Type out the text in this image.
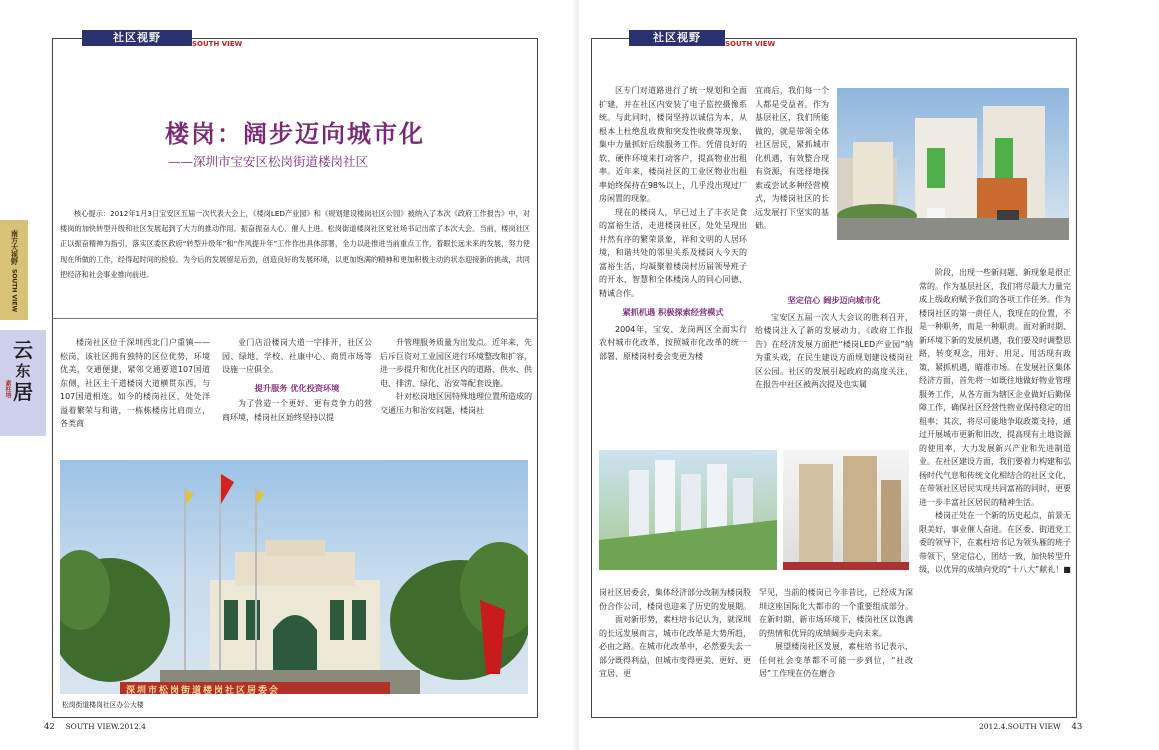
社区视野	SOUTH VIEW
楼岗：阔步迈向城市化
——深圳市宝安区松岗街道楼岗社区
核心提示：2012年1月3日宝安区五届一次代表大会上，《楼岗LED产业园》和《规划建设楼岗社区公园》被纳入了本次《政府工作报告》中，对楼岗的加快转型升级和社区发展起到了大力的推动作用。振奋振奋人心、催人上进。松岗街道楼岗社区党社场书记出席了本次大会。当前，楼岗社区正以振奋精神为指引，落实区委区政府“转型升级年”和“作风提升年”工作作出具体部署，全力以赴推进当前重点工作，着眼长远未来的发展，努力使现在所做的工作，经得起时间的检验。为今后的发展留足后劲，创造良好的发展环境，以更加饱满的精神和更加积极主动的状态迎接新的挑战，共同把经济和社会事业推向前进。
楼岗社区位于深圳西北门户重镇——松岗，该社区拥有独特的区位优势，环境优美，交通便捷，紧邻交通要道107国道东侧，社区主干道楼岗大道横贯东西，与107国道相连。如今的楼岗社区，处处洋溢着繁荣与和谐，一栋栋楼房比肩而立，各类商

业门店沿楼岗大道一字排开，社区公园、绿地、学校、社康中心、商贸市场等设施一应俱全。

提升服务 优化投资环境

为了营造一个更好、更有竞争力的营商环境，楼岗社区始终坚持以提

升管理服务质量为出发点。近年来，先后斥巨资对工业园区进行环境整改和扩容，进一步提升和优化社区内的道路、供水、供电、排涝、绿化、治安等配套设施。

针对松岗地区因特殊地理位置所造成的交通压力和治安问题，楼岗社

深圳市松岗街道楼岗社区居委会
松岗街道楼岗社区办公大楼
南方大视野
SOUTH VIEW
云
东
居
素柱培
42 SOUTH VIEW.2012.4
社区视野	SOUTH VIEW

区专门对道路进行了统一规划和全面扩建，并在社区内安装了电子监控摄像系统。与此同时，楼岗坚持以诚信为本，从根本上杜绝乱收费和突发性收费等现象，集中力量抓好后续服务工作。凭借良好的软、硬件环境来打动客户，提高物业出租率。近年来，楼岗社区的工业区物业出租率始终保持在98%以上，几乎没出现过厂房闲置的现象。

现在的楼岗人，早已过上了丰衣足食的富裕生活，走进楼岗社区，处处呈现出井然有序的繁荣景象，祥和文明的人居环境，和谐共处的邻里关系及楼岗人今天的富裕生活，均凝聚着楼岗村历届领导班子的开水、智慧和全体楼岗人的同心同德、精诚合作。

紧抓机遇 积极探索经营模式

2004年，宝安、龙岗两区全面实行农村城市化改革，按照城市化改革的统一部署，原楼岗村委会变更为楼

宜商后，我们每一个人都是受益者。作为基层社区，我们所能做的，就是带领全体社区居民，紧抓城市化机遇，有效整合现有资源，有选择地探索或尝试多种经营模式，为楼岗社区的长远发展打下坚实的基础。

坚定信心 阔步迈向城市化

宝安区五届一次人大会议的胜利召开，给楼岗注入了新的发展动力，《政府工作报告》在经济发展方面把“楼岗LED产业园”纳为重头戏，在民生建设方面规划建设楼岗社区公园。社区的发展引起政府的高度关注，在报告中社区被两次提及也实属

阶段，出现一些新问题、新现象是很正常的。作为基层社区，我们将尽最大力量完成上级政府赋予我们的各项工作任务。作为楼岗社区的第一责任人，我现在的位置，不是一种职务，而是一种职责。面对新时期、新环境下新的发展机遇，我们要及时调整思路，转变观念，用好、用足、用活现有政策，紧抓机遇，瞄准市场。在发展社区集体经济方面，首先将一如既往地做好物业管理服务工作，从各方面为辖区企业做好后勤保障工作，确保社区经营性物业保持稳定的出租率；其次，将尽可能地争取政策支持，通过开展城市更新和旧改，提高现有土地资源的使用率，大力发展新兴产业和先进制造业。在社区建设方面，我们要着力构建和弘扬时代气息和传统文化相结合的社区文化，在带领社区居民实现共同富裕的同时，更要进一步丰富社区居民的精神生活。

楼岗正处在一个新的历史起点，前景无限美好，事业催人奋进。在区委、街道党工委的领导下，在素柱培书记为领头雁的班子带领下，坚定信心，团结一致，加快转型升级，以优异的成绩向党的“十八大”献礼！■

岗社区居委会，集体经济部分改制为楼岗股份合作公司，楼岗也迎来了历史的发展期。

面对新形势，素柱培书记认为，就深圳的长远发展而言，城市化改革是大势所趋，必由之路。在城市化改革中，必然要失去一部分既得利益，但城市变得更美、更好、更宜居、更

罕见，当前的楼岗已今非昔比，已经成为深圳这座国际化大都市的一个重要组成部分。在新时期、新市场环境下，楼岗社区以饱满的热情和优异的成绩阔步走向未来。

展望楼岗社区发展，素柱培书记表示，任何社会变革都不可能一步到位，“社改居”工作现在仍在磨合

2012.4.SOUTH VIEW 43
